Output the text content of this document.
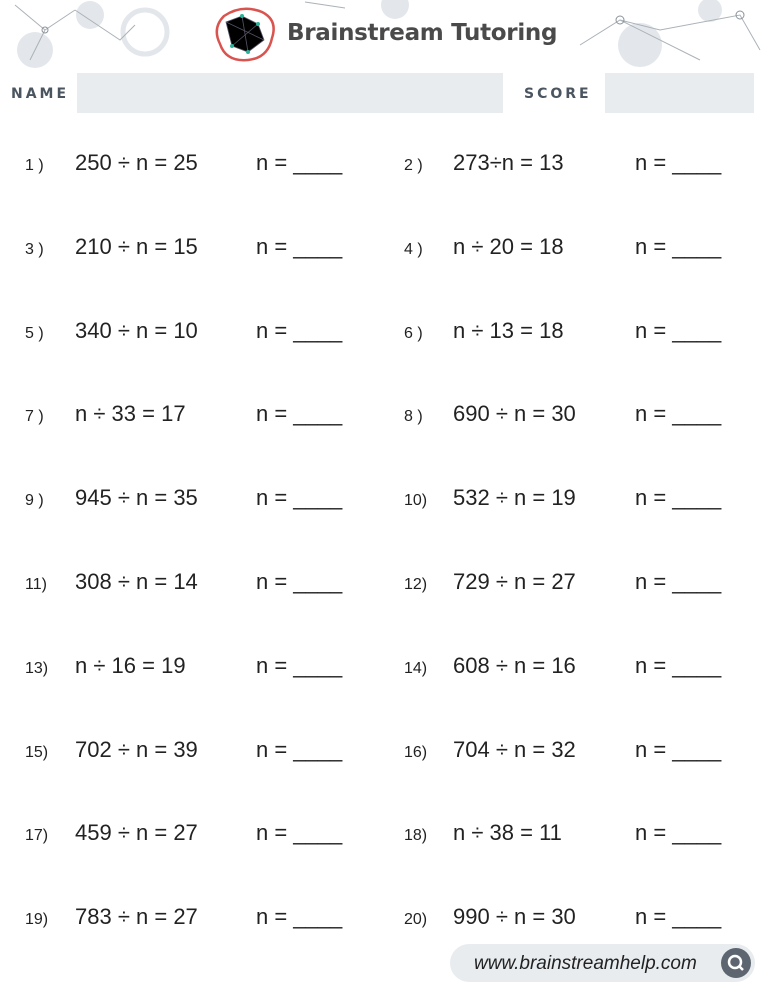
Brainstream Tutoring
NAME	SCORE
1 ) 250 ÷ n = 25	n = ____	2 ) 273÷n = 13	n = ____
3 ) 210 ÷ n = 15	n = ____	4 ) n ÷ 20 = 18	n = ____
5 ) 340 ÷ n = 10	n = ____	6 ) n ÷ 13 = 18	n = ____
7 ) n ÷ 33 = 17	n = ____	8 ) 690 ÷ n = 30	n = ____
9 ) 945 ÷ n = 35	n = ____	10) 532 ÷ n = 19	n = ____
11) 308 ÷ n = 14	n = ____	12) 729 ÷ n = 27	n = ____
13) n ÷ 16 = 19	n = ____	14) 608 ÷ n = 16	n = ____
15) 702 ÷ n = 39	n = ____	16) 704 ÷ n = 32	n = ____
17) 459 ÷ n = 27	n = ____	18) n ÷ 38 = 11	n = ____
19) 783 ÷ n = 27	n = ____	20) 990 ÷ n = 30	n = ____
www.brainstreamhelp.com
